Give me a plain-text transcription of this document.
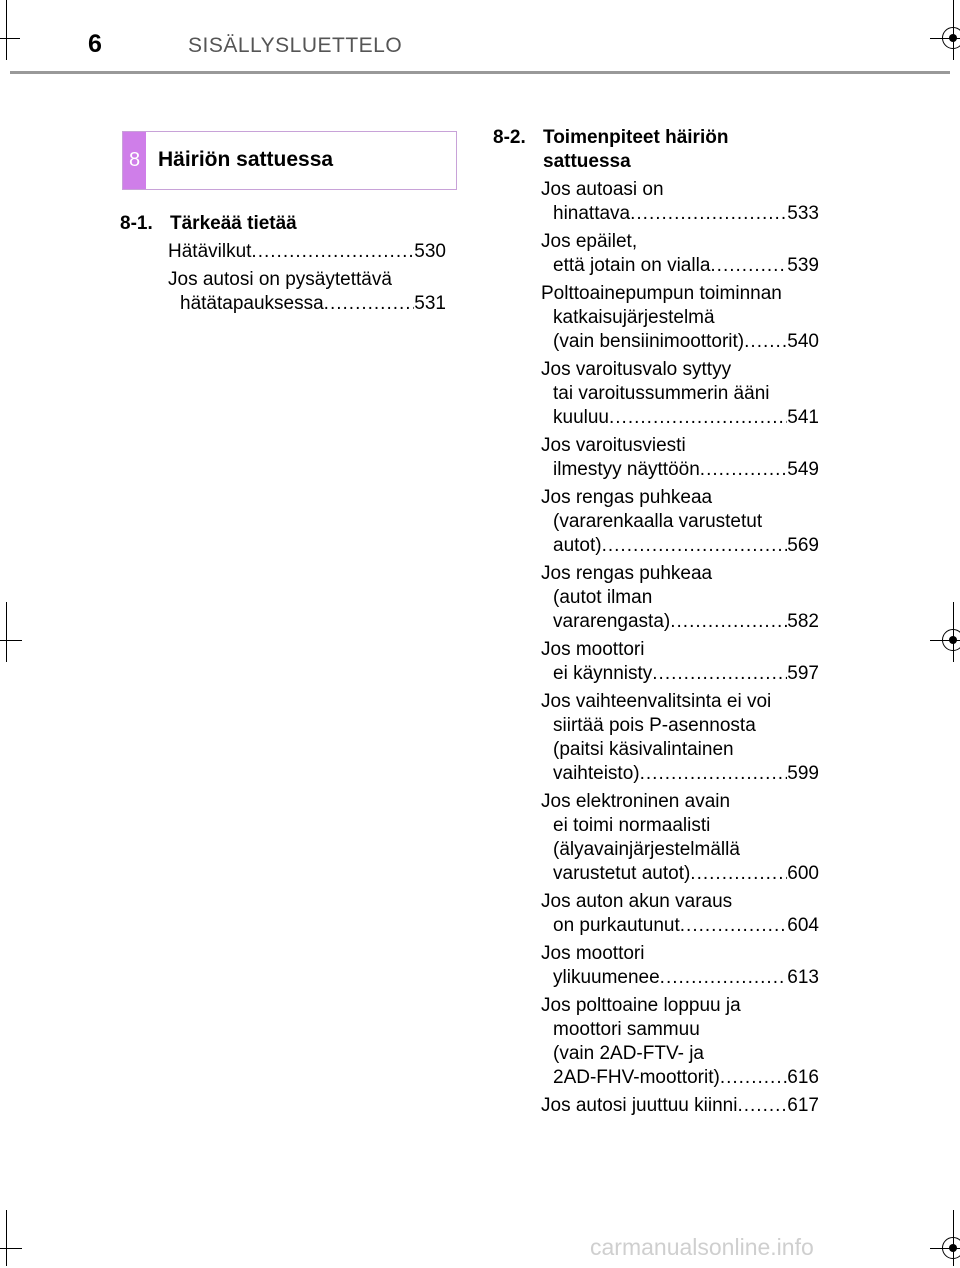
6	SISÄLLYSLUETTELO
8 Häiriön sattuessa
8-1. Tärkeää tietää
Hätävilkut .....	530
Jos autosi on pysäytettävä
hätätapauksessa .....	531
8-2. Toimenpiteet häiriön sattuessa
Jos autoasi on
hinattava .....	533
Jos epäilet,
että jotain on vialla .....	539
Polttoainepumpun toiminnan
katkaisujärjestelmä
(vain bensiinimoottorit) ..... 540
Jos varoitusvalo syttyy
tai varoitussummerin ääni
kuuluu .....	541
Jos varoitusviesti
ilmestyy näyttöön .....	549
Jos rengas puhkeaa
(vararenkaalla varustetut
autot) .....	569
Jos rengas puhkeaa
(autot ilman
vararengasta) .....	582
Jos moottori
ei käynnisty .....	597
Jos vaihteenvalitsinta ei voi
siirtää pois P-asennosta
(paitsi käsivalintainen
vaihteisto) .....	599
Jos elektroninen avain
ei toimi normaalisti
(älyavainjärjestelmällä
varustetut autot) .....	600
Jos auton akun varaus
on purkautunut .....	604
Jos moottori
ylikuumenee .....	613
Jos polttoaine loppuu ja
moottori sammuu
(vain 2AD-FTV- ja
2AD-FHV-moottorit) .....	616
Jos autosi juuttuu kiinni .....	617
carmanualsonline.info
